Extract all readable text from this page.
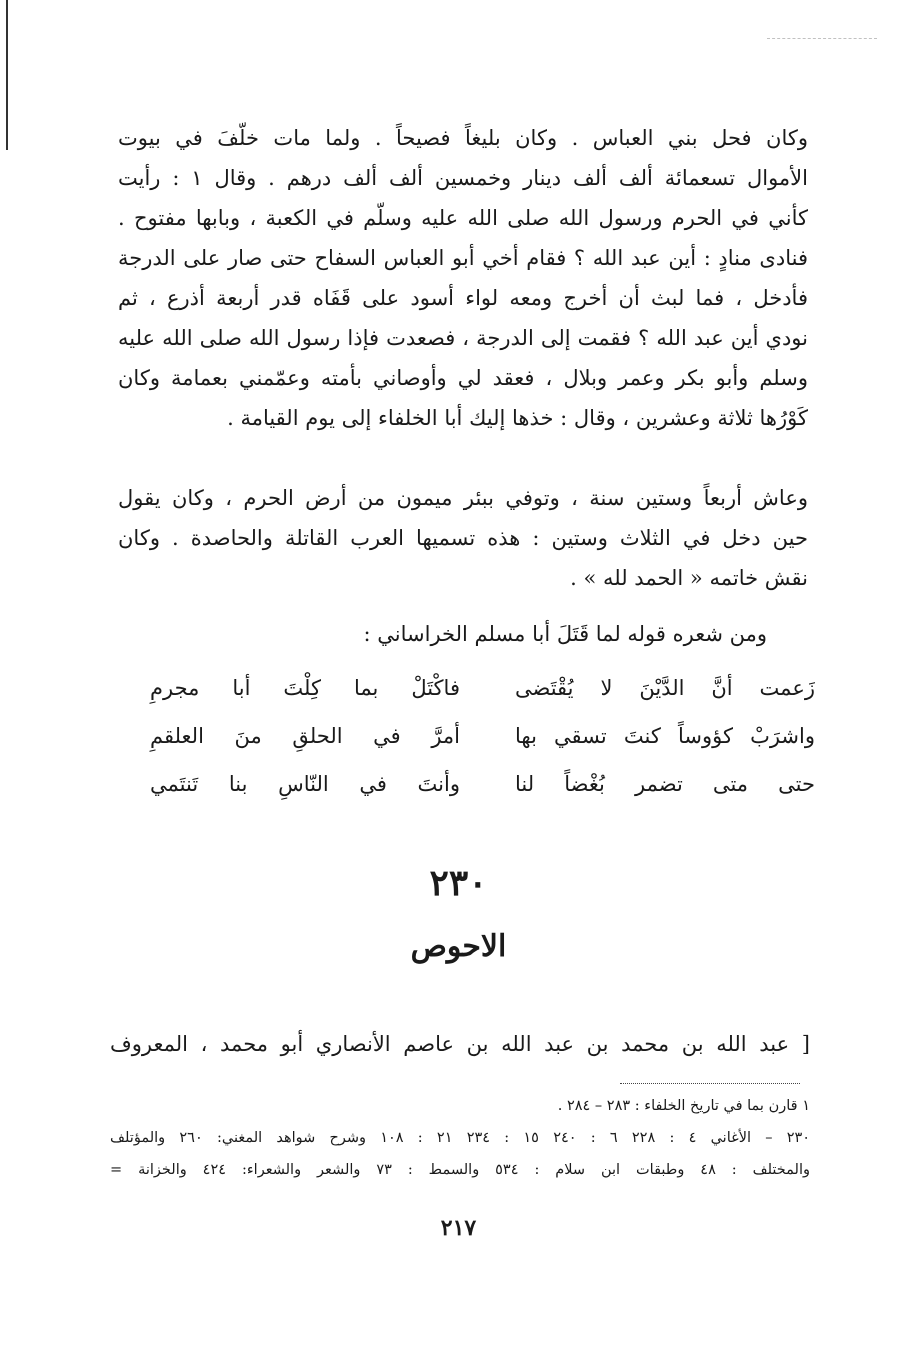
وكان فحل بني العباس . وكان بليغاً فصيحاً . ولما مات خلّفَ في بيوت

الأموال تسعمائة ألف ألف دينار وخمسين ألف ألف درهم . وقال ١ : رأيت

كأني في الحرم ورسول الله صلى الله عليه وسلّم في الكعبة ، وبابها مفتوح .

فنادى منادٍ : أين عبد الله ؟ فقام أخي أبو العباس السفاح حتى صار على الدرجة

فأدخل ، فما لبث أن أخرج ومعه لواء أسود على قَفَاه قدر أربعة أذرع ، ثم

نودي أين عبد الله ؟ فقمت إلى الدرجة ، فصعدت فإذا رسول الله صلى الله عليه

وسلم وأبو بكر وعمر وبلال ، فعقد لي وأوصاني بأمته وعمّمني بعمامة وكان

كَوْرُها ثلاثة وعشرين ، وقال : خذها إليك أبا الخلفاء إلى يوم القيامة .

وعاش أربعاً وستين سنة ، وتوفي ببئر ميمون من أرض الحرم ، وكان يقول

حين دخل في الثلاث وستين : هذه تسميها العرب القاتلة والحاصدة . وكان

نقش خاتمه « الحمد لله » .

ومن شعره قوله لما قَتَلَ أبا مسلم الخراساني :
زَعمت أنَّ الدَّيْنَ لا يُقْتَضى
فاكْتَلْ بما كِلْتَ أبا مجرمِ
واشرَبْ كؤوساً كنتَ تسقي بها
أمرَّ في الحلقِ منَ العلقمِ
حتى متى تضمر بُغْضاً لنا
وأنتَ في النّاسِ بنا تَنتَمي
٢٣٠
الاحوص
[ عبد الله بن محمد بن عبد الله بن عاصم الأنصاري أبو محمد ، المعروف

١ قارن بما في تاريخ الخلفاء : ٢٨٣ – ٢٨٤ .

٢٣٠ – الأغاني ٤ : ٢٢٨ ٦ : ٢٤٠ ١٥ : ٢٣٤ ٢١ : ١٠٨ وشرح شواهد المغني: ٢٦٠ والمؤتلف

والمختلف : ٤٨ وطبقات ابن سلام : ٥٣٤ والسمط : ٧٣ والشعر والشعراء: ٤٢٤ والخزانة =

٢١٧
